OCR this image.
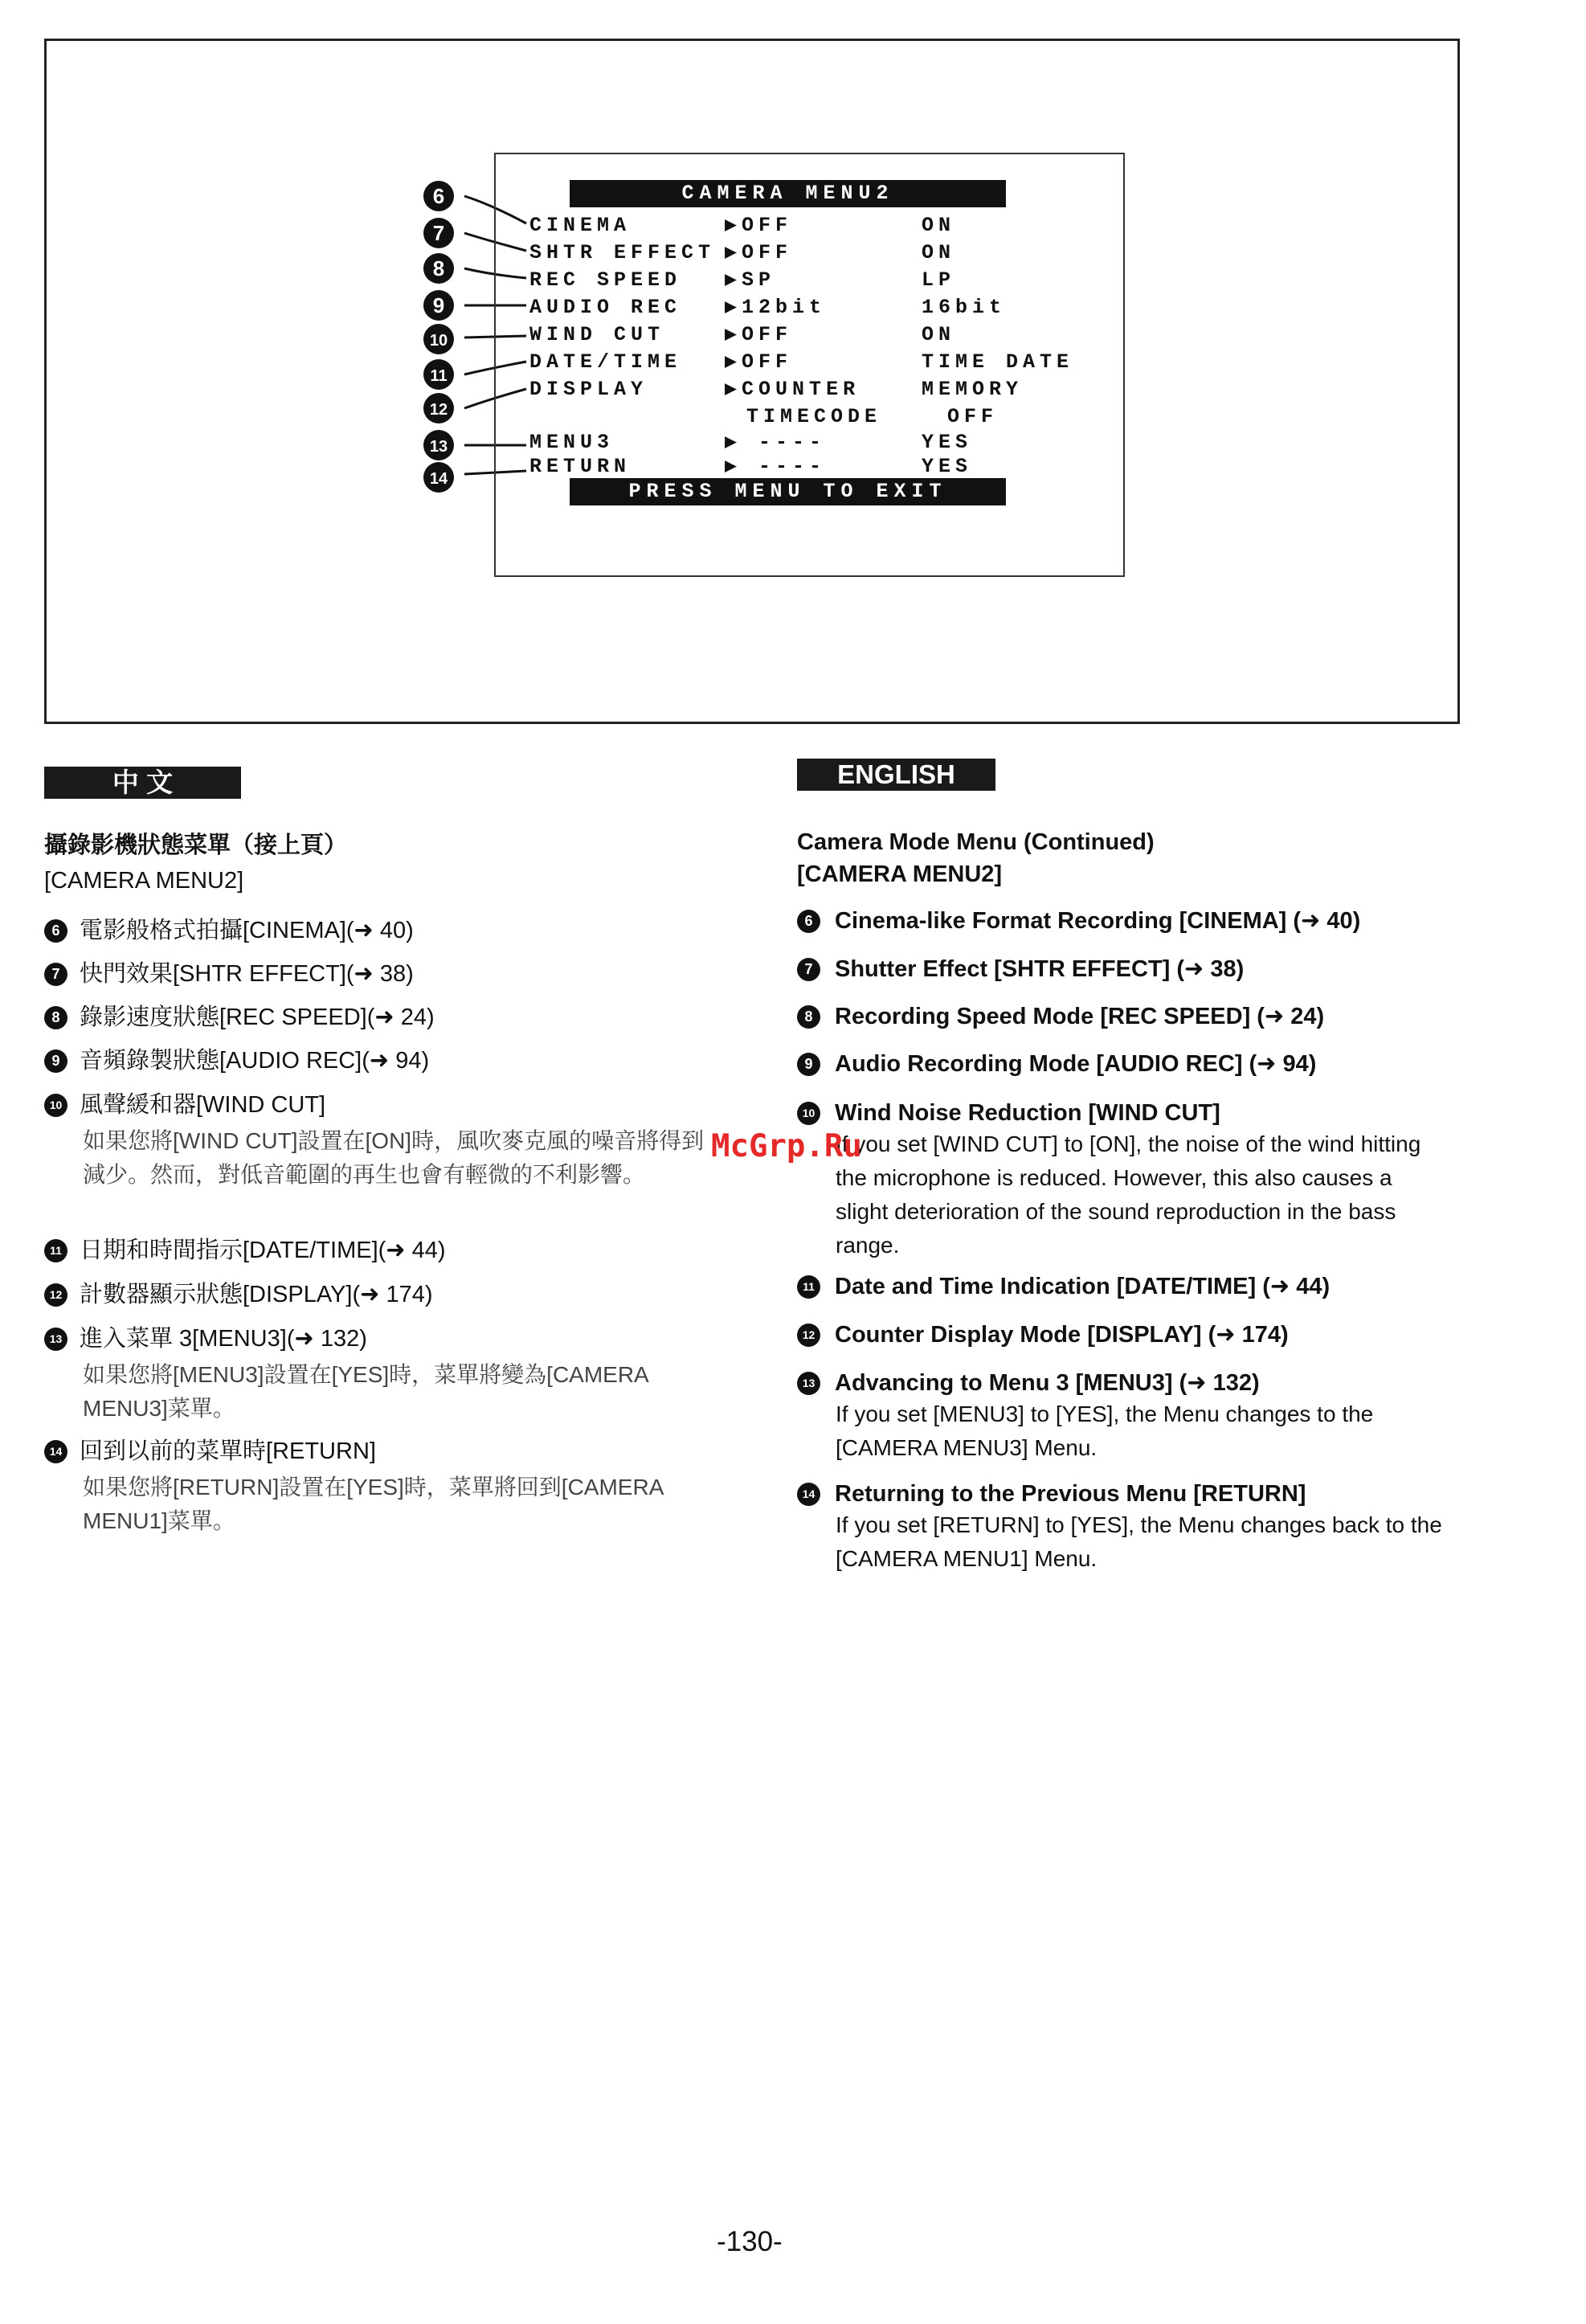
6
7
8
9
10
11
12
13
14
CAMERA MENU2
CINEMA	▶OFF	ON
SHTR EFFECT ▶OFF	ON
REC SPEED ▶SP	LP
AUDIO REC ▶12bit	16bit
WIND CUT	▶OFF	ON
DATE/TIME ▶OFF	TIME DATE
DISPLAY	▶COUNTER	MEMORY
TIMECODE	OFF
MENU3	▶ ----	YES
RETURN	▶ ----	YES
PRESS MENU TO EXIT
中 文
攝錄影機狀態菜單（接上頁）
[CAMERA MENU2]
6 電影般格式拍攝[CINEMA](➜ 40)
7 快門效果[SHTR EFFECT](➜ 38)
8 錄影速度狀態[REC SPEED](➜ 24)
9 音頻錄製狀態[AUDIO REC](➜ 94)
10 風聲緩和器[WIND CUT]
如果您將[WIND CUT]設置在[ON]時，風吹麥克風的噪音將得到減少。然而，對低音範圍的再生也會有輕微的不利影響。
11 日期和時間指示[DATE/TIME](➜ 44)
12 計數器顯示狀態[DISPLAY](➜ 174)
13 進入菜單 3[MENU3](➜ 132)
如果您將[MENU3]設置在[YES]時，菜單將變為[CAMERA MENU3]菜單。
14 回到以前的菜單時[RETURN]
如果您將[RETURN]設置在[YES]時，菜單將回到[CAMERA MENU1]菜單。
ENGLISH
Camera Mode Menu (Continued)
[CAMERA MENU2]
6 Cinema-like Format Recording [CINEMA] (➜ 40)
7 Shutter Effect [SHTR EFFECT] (➜ 38)
8 Recording Speed Mode [REC SPEED] (➜ 24)
9 Audio Recording Mode [AUDIO REC] (➜ 94)
10 Wind Noise Reduction [WIND CUT]
If you set [WIND CUT] to [ON], the noise of the wind hitting the microphone is reduced. However, this also causes a slight deterioration of the sound reproduction in the bass range.
11 Date and Time Indication [DATE/TIME] (➜ 44)
12 Counter Display Mode [DISPLAY] (➜ 174)
13 Advancing to Menu 3 [MENU3] (➜ 132)
If you set [MENU3] to [YES], the Menu changes to the [CAMERA MENU3] Menu.
14 Returning to the Previous Menu [RETURN]
If you set [RETURN] to [YES], the Menu changes back to the [CAMERA MENU1] Menu.
McGrp.Ru
-130-
